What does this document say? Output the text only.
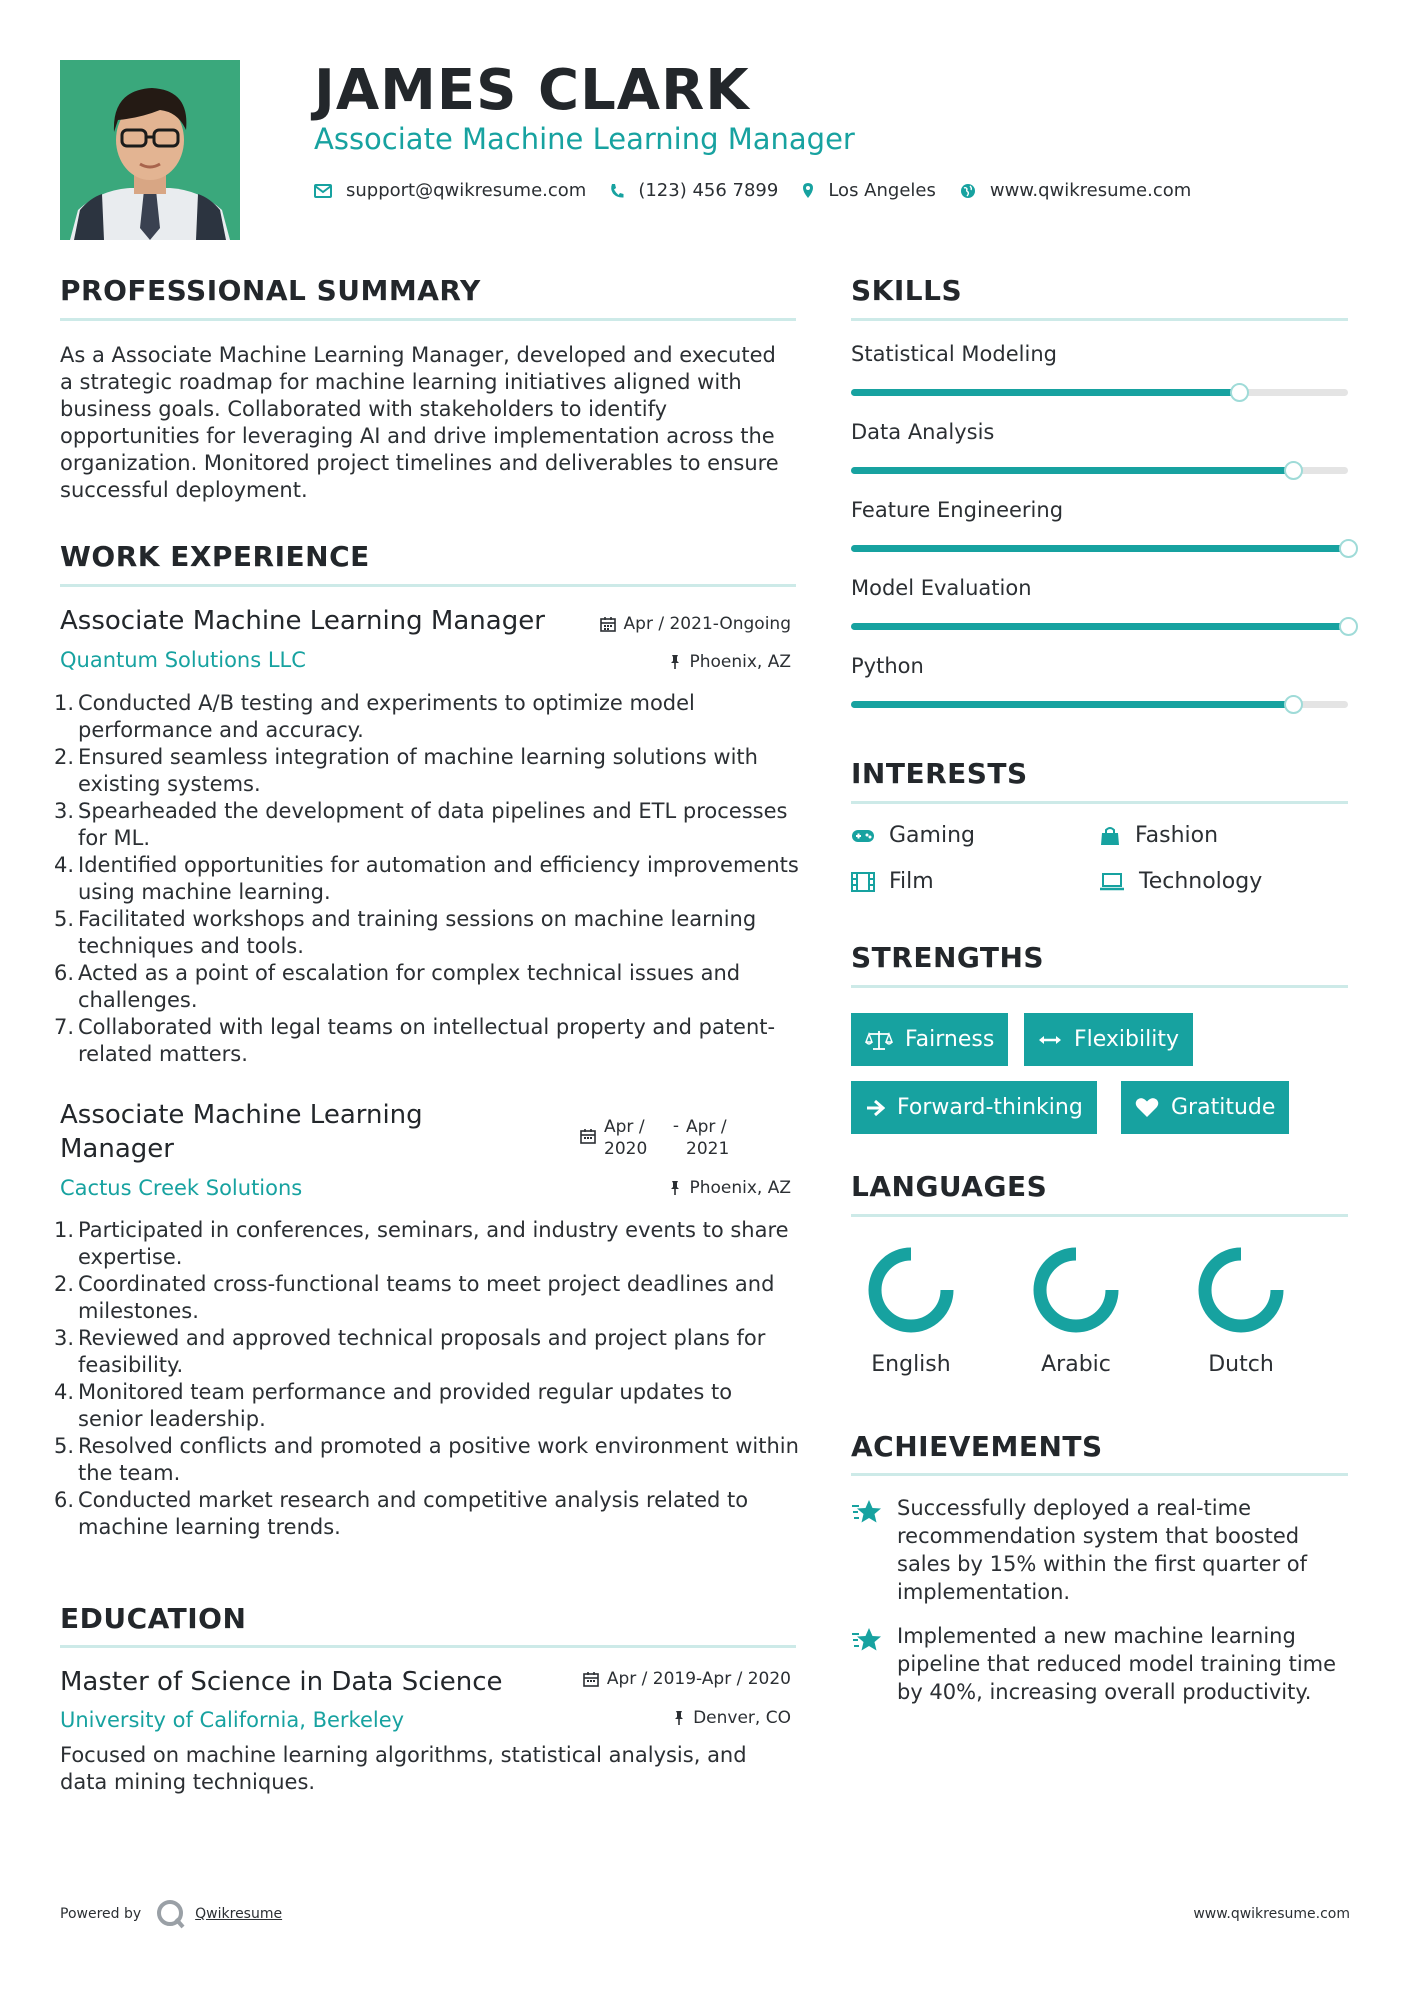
JAMES CLARK
Associate Machine Learning Manager
support@qwikresume.com	(123) 456 7899	Los Angeles	www.qwikresume.com
PROFESSIONAL SUMMARY
As a Associate Machine Learning Manager, developed and executed a strategic roadmap for machine learning initiatives aligned with business goals. Collaborated with stakeholders to identify opportunities for leveraging AI and drive implementation across the organization. Monitored project timelines and deliverables to ensure successful deployment.
WORK EXPERIENCE
Associate Machine Learning Manager	Apr / 2021-Ongoing
Quantum Solutions LLC	Phoenix, AZ
Conducted A/B testing and experiments to optimize model performance and accuracy.
Ensured seamless integration of machine learning solutions with existing systems.
Spearheaded the development of data pipelines and ETL processes for ML.
Identified opportunities for automation and efficiency improvements using machine learning.
Facilitated workshops and training sessions on machine learning techniques and tools.
Acted as a point of escalation for complex technical issues and challenges.
Collaborated with legal teams on intellectual property and patent-related matters.
Associate Machine Learning Manager
Apr / 2020
- Apr / 2021
Cactus Creek Solutions	Phoenix, AZ
Participated in conferences, seminars, and industry events to share expertise.
Coordinated cross-functional teams to meet project deadlines and milestones.
Reviewed and approved technical proposals and project plans for feasibility.
Monitored team performance and provided regular updates to senior leadership.
Resolved conflicts and promoted a positive work environment within the team.
Conducted market research and competitive analysis related to machine learning trends.
EDUCATION
Master of Science in Data Science	Apr / 2019-Apr / 2020
University of California, Berkeley	Denver, CO
Focused on machine learning algorithms, statistical analysis, and data mining techniques.
SKILLS
Statistical Modeling
Data Analysis
Feature Engineering
Model Evaluation
Python
INTERESTS
Gaming	Fashion
Film	Technology
STRENGTHS
Fairness	Flexibility
Forward-thinking	Gratitude
LANGUAGES
English	Arabic	Dutch
ACHIEVEMENTS
Successfully deployed a real-time recommendation system that boosted sales by 15% within the first quarter of implementation.
Implemented a new machine learning pipeline that reduced model training time by 40%, increasing overall productivity.
Powered by	Qwikresume	www.qwikresume.com
